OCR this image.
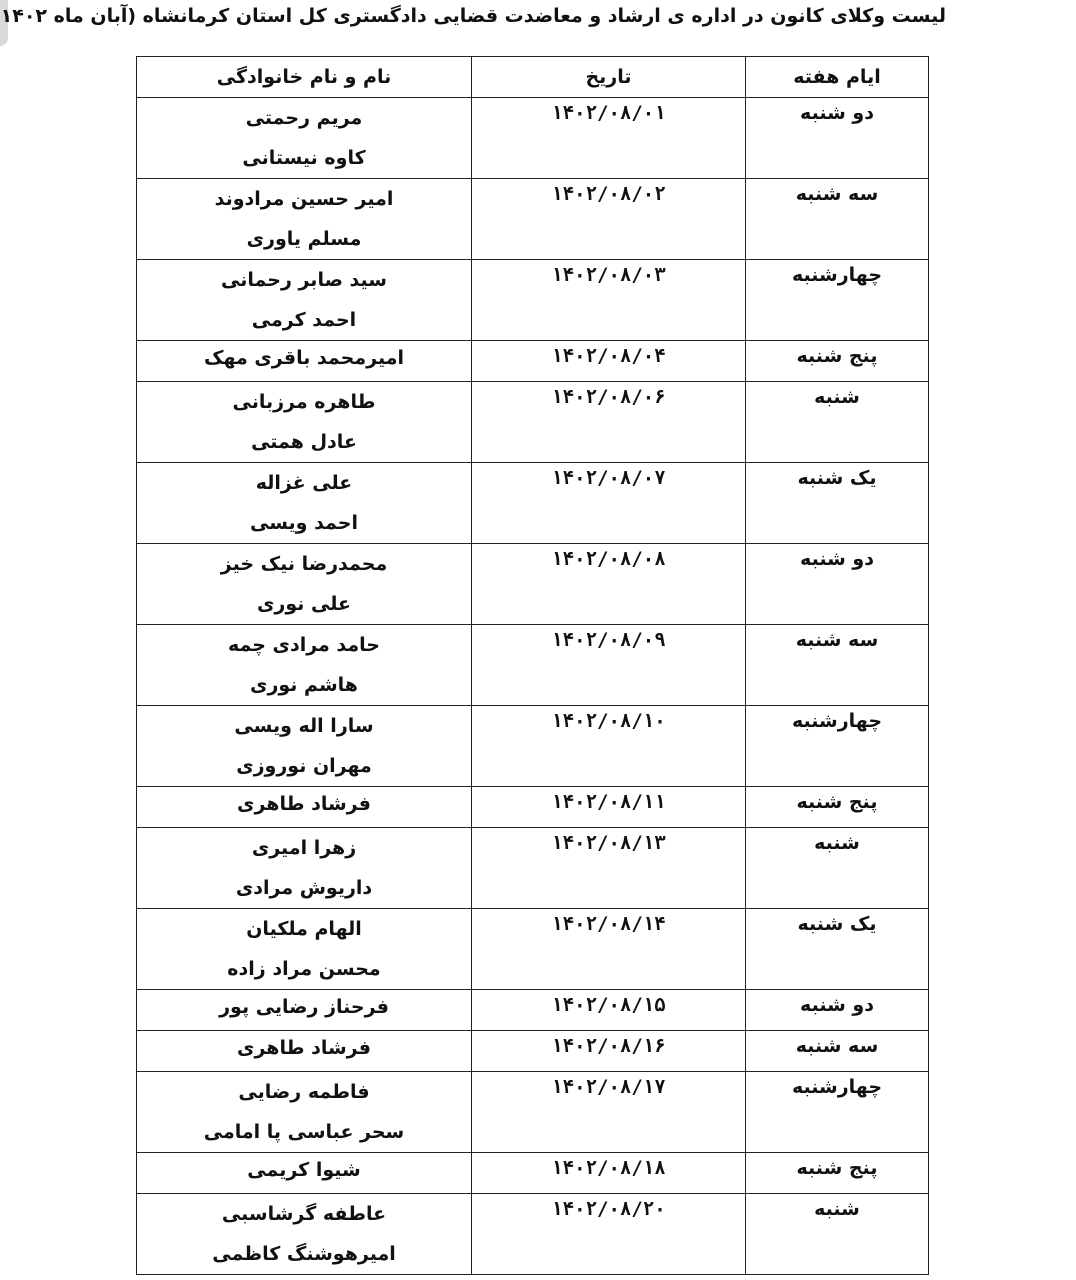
لیست وکلای کانون در اداره ی ارشاد و معاضدت قضایی دادگستری کل استان کرمانشاه (آبان ماه ۱۴۰۲
ایام هفته	تاریخ	نام و نام خانوادگی
دو شنبه	۱۴۰۲/۰۸/۰۱	مریم رحمتی
کاوه نیستانی

سه شنبه	۱۴۰۲/۰۸/۰۲	امیر حسین مرادوند
مسلم یاوری

چهارشنبه	۱۴۰۲/۰۸/۰۳	سید صابر رحمانی
احمد کرمی

پنج شنبه	۱۴۰۲/۰۸/۰۴	امیرمحمد باقری مهک

شنبه	۱۴۰۲/۰۸/۰۶	طاهره مرزبانی
عادل همتی

یک شنبه	۱۴۰۲/۰۸/۰۷	علی غزاله
احمد ویسی

دو شنبه	۱۴۰۲/۰۸/۰۸	محمدرضا نیک خیز
علی نوری

سه شنبه	۱۴۰۲/۰۸/۰۹	حامد مرادی چمه
هاشم نوری

چهارشنبه	۱۴۰۲/۰۸/۱۰	سارا اله ویسی
مهران نوروزی

پنج شنبه	۱۴۰۲/۰۸/۱۱	فرشاد طاهری

شنبه	۱۴۰۲/۰۸/۱۳	زهرا امیری
داریوش مرادی

یک شنبه	۱۴۰۲/۰۸/۱۴	الهام ملکیان
محسن مراد زاده

دو شنبه	۱۴۰۲/۰۸/۱۵	فرحناز رضایی پور

سه شنبه	۱۴۰۲/۰۸/۱۶	فرشاد طاهری

چهارشنبه	۱۴۰۲/۰۸/۱۷	فاطمه رضایی
سحر عباسی پا امامی

پنج شنبه	۱۴۰۲/۰۸/۱۸	شیوا کریمی

شنبه	۱۴۰۲/۰۸/۲۰	عاطفه گرشاسبی
امیرهوشنگ کاظمی
